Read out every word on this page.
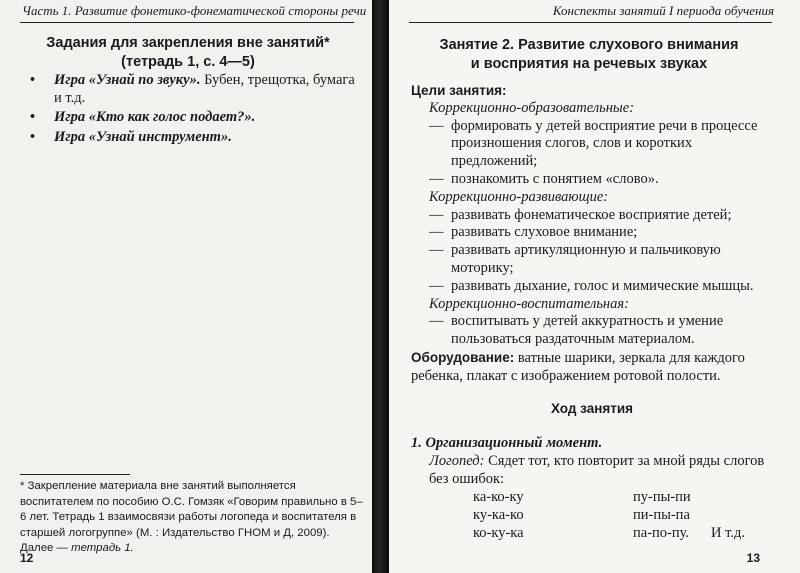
Часть 1. Развитие фонетико-фонематической стороны речи
Задания для закрепления вне занятий*
(тетрадь 1, с. 4—5)
• Игра «Узнай по звуку». Бубен, трещотка, бумага и т.д.
• Игра «Кто как голос подает?».
• Игра «Узнай инструмент».
* Закрепление материала вне занятий выполняется воспитателем по пособию О.С. Гомзяк «Говорим правильно в 5–6 лет. Тетрадь 1 взаимосвязи работы логопеда и воспитателя в старшей логогруппе» (М. : Издательство ГНОМ и Д, 2009). Далее — тетрадь 1.
12
Конспекты занятий I периода обучения
Занятие 2. Развитие слухового внимания
и восприятия на речевых звуках
Цели занятия:
Коррекционно-образовательные:
— формировать у детей восприятие речи в процессе произношения слогов, слов и коротких предложений;
— познакомить с понятием «слово».
Коррекционно-развивающие:
— развивать фонематическое восприятие детей;
— развивать слуховое внимание;
— развивать артикуляционную и пальчиковую моторику;
— развивать дыхание, голос и мимические мышцы.
Коррекционно-воспитательная:
— воспитывать у детей аккуратность и умение пользоваться раздаточным материалом.
Оборудование: ватные шарики, зеркала для каждого ребенка, плакат с изображением ротовой полости.
Ход занятия
1. Организационный момент.
Логопед: Сядет тот, кто повторит за мной ряды слогов без ошибок:
ка-ко-ку	пу-пы-пи
ку-ка-ко	пи-пы-па
ко-ку-ка	па-по-пу. И т.д.
13
